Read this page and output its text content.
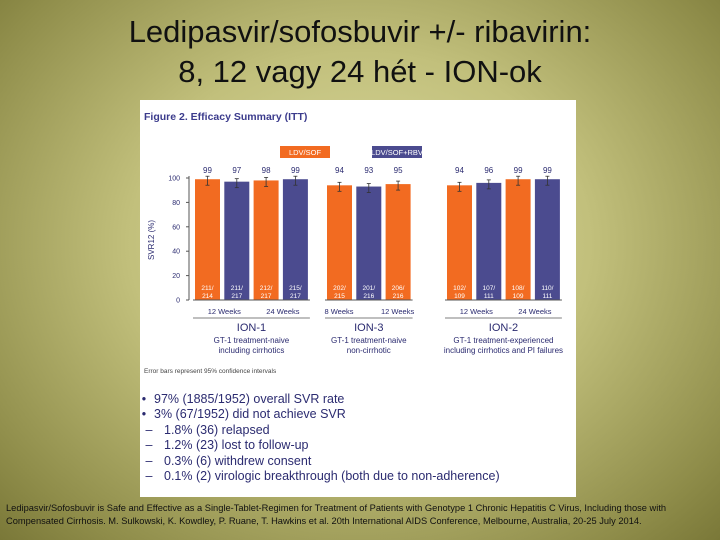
Ledipasvir/sofosbuvir +/- ribavirin:
8, 12 vagy 24 hét - ION-ok
LDV/SOF	LDV/SOF+RBV
0
20
40
60
80
100
SVR12 (%)
99
211/
214
97
211/
217
98
212/
217
99
215/
217
12 Weeks	24 Weeks
ION-1
GT-1 treatment-naive
including cirrhotics
94
202/
215
93
201/
216
95
206/
216
8 Weeks	12 Weeks
ION-3
GT-1 treatment-naive
non-cirrhotic
94
102/
109
96
107/
111
99
108/
109
99
110/
111
12 Weeks	24 Weeks
ION-2
GT-1 treatment-experienced
including cirrhotics and PI failures
Error bars represent 95% confidence intervals
Figure 2. Efficacy Summary (ITT)
• 97% (1885/1952) overall SVR rate
• 3% (67/1952) did not achieve SVR
– 1.8% (36) relapsed
– 1.2% (23) lost to follow-up
– 0.3% (6) withdrew consent
– 0.1% (2) virologic breakthrough (both due to non-adherence)
Ledipasvir/Sofosbuvir is Safe and Effective as a Single-Tablet-Regimen for Treatment of Patients with Genotype 1 Chronic Hepatitis C Virus, Including those with Compensated Cirrhosis. M. Sulkowski, K. Kowdley, P. Ruane, T. Hawkins et al. 20th International AIDS Conference, Melbourne, Australia, 20-25 July 2014.
